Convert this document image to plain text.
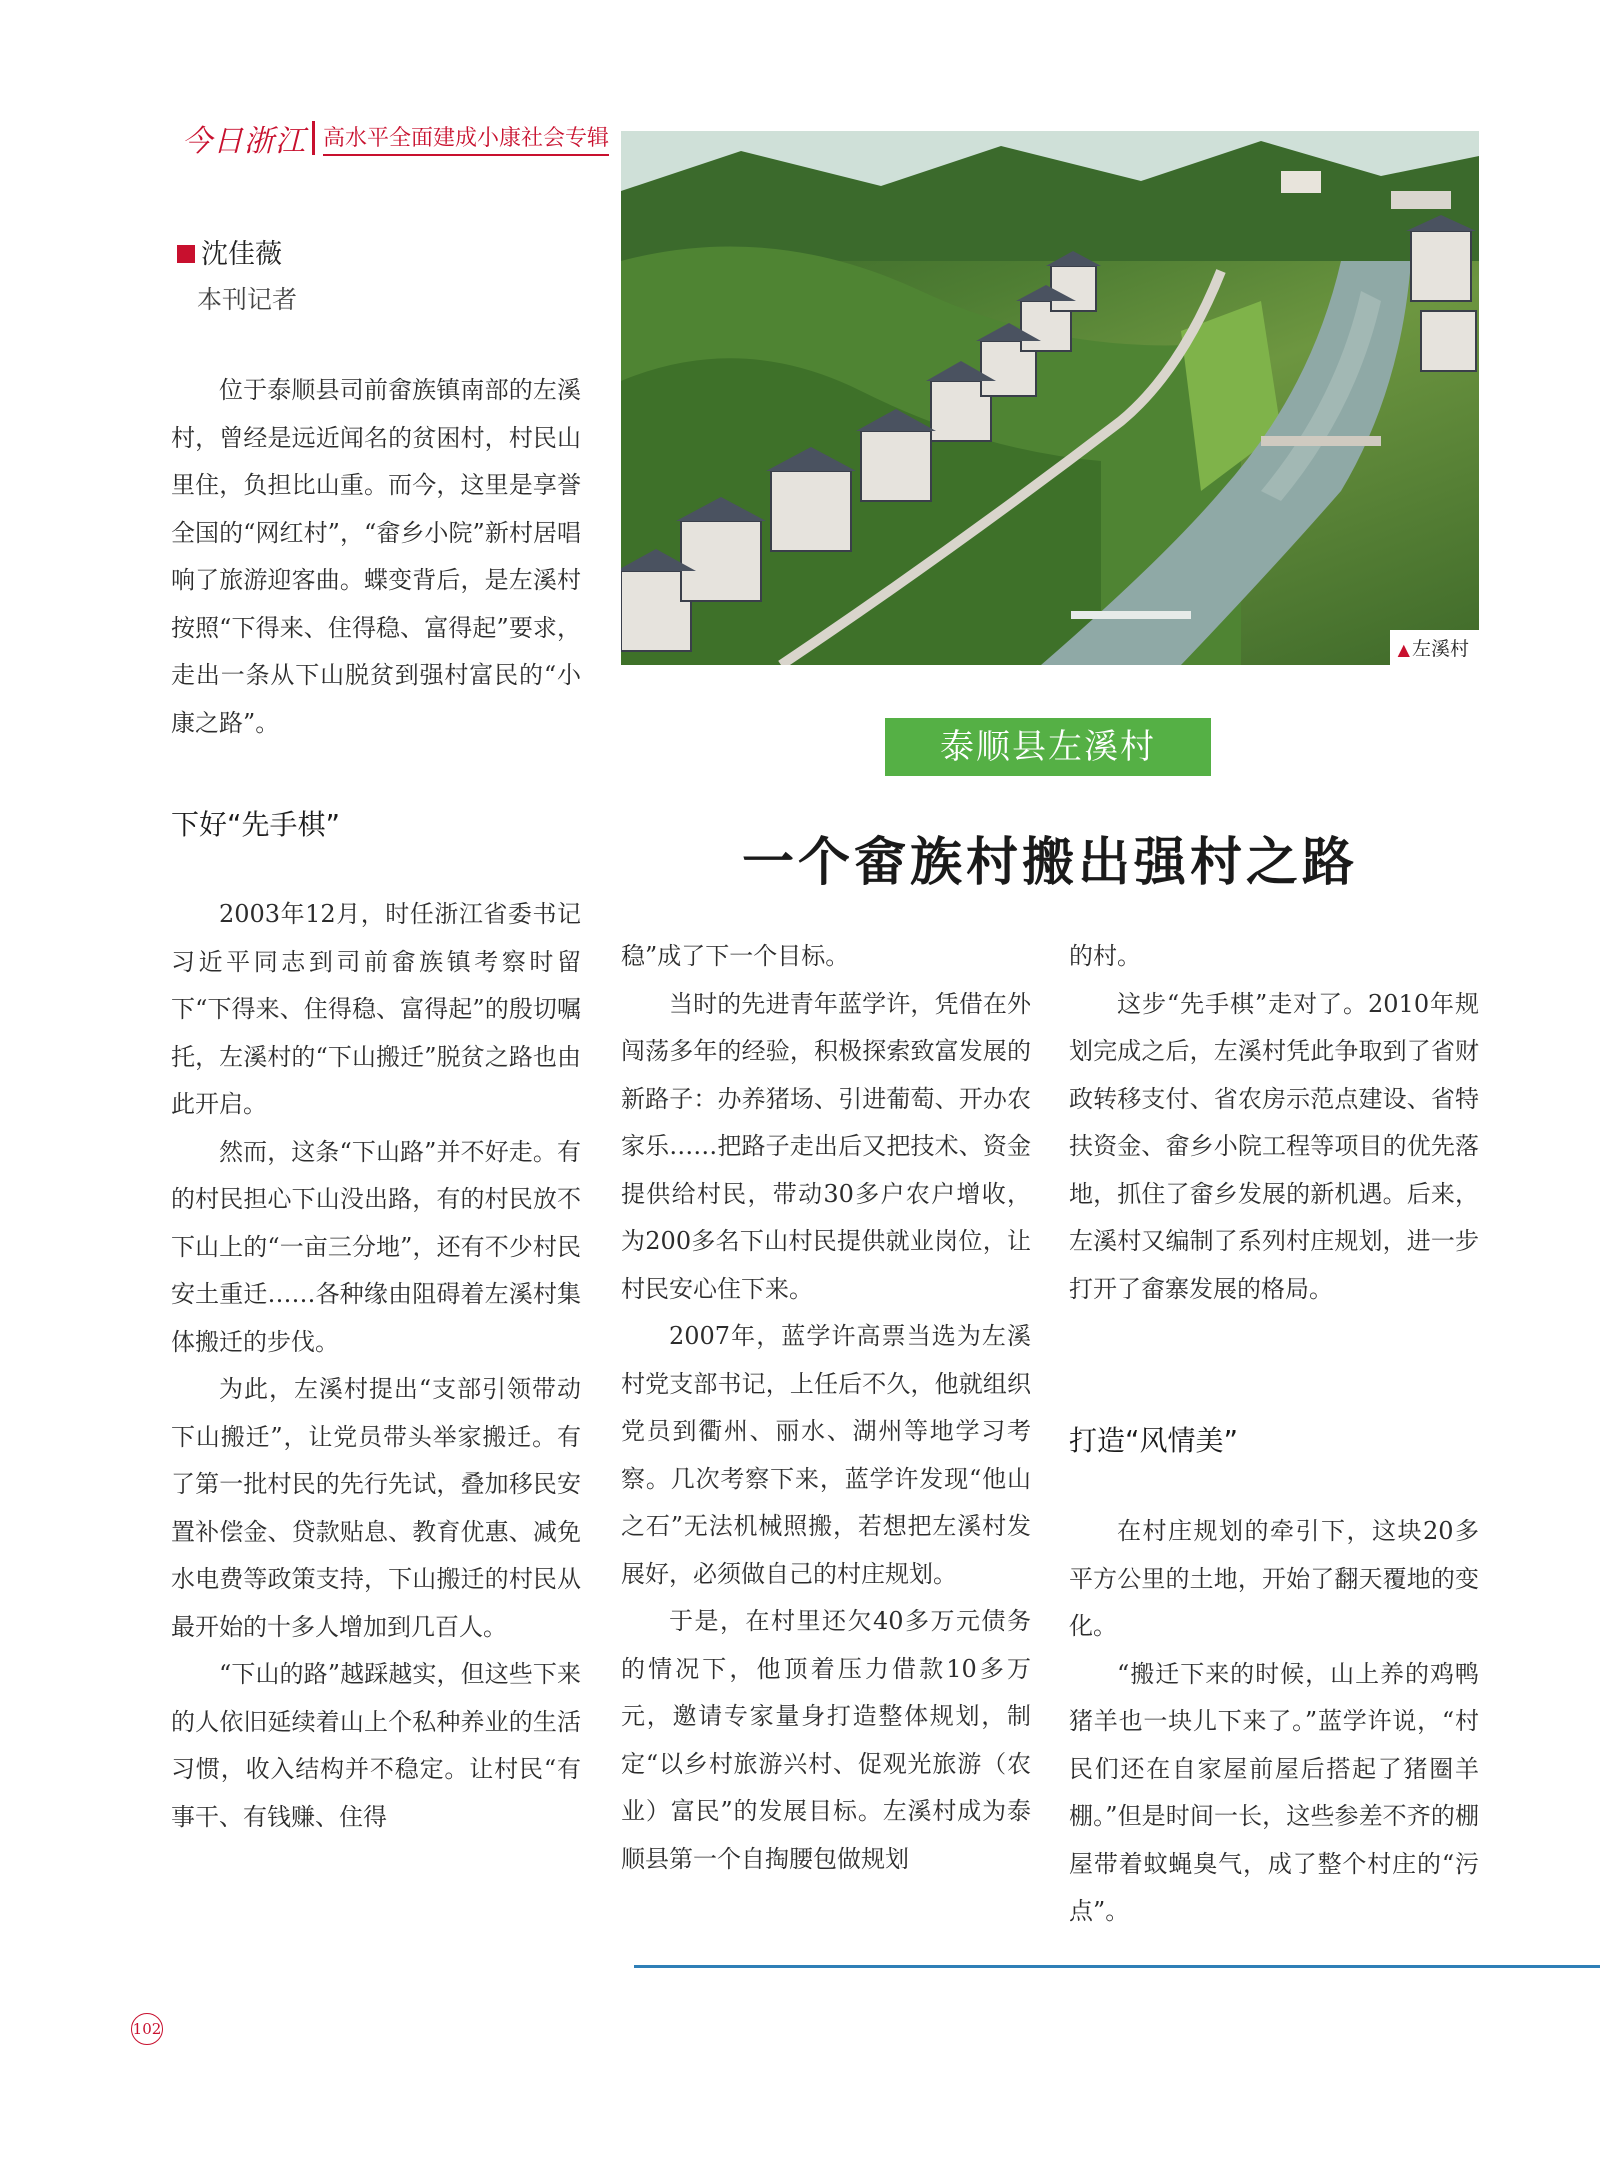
今日浙江 高水平全面建成小康社会专辑
沈佳薇
本刊记者
▲ 左溪村
泰顺县左溪村
一个畲族村搬出强村之路

位于泰顺县司前畲族镇南部的左溪村，曾经是远近闻名的贫困村，村民山里住，负担比山重。而今，这里是享誉全国的“网红村”，“畲乡小院”新村居唱响了旅游迎客曲。蝶变背后，是左溪村按照“下得来、住得稳、富得起”要求，走出一条从下山脱贫到强村富民的“小康之路”。

下好“先手棋”

2003年12月，时任浙江省委书记习近平同志到司前畲族镇考察时留下“下得来、住得稳、富得起”的殷切嘱托，左溪村的“下山搬迁”脱贫之路也由此开启。

然而，这条“下山路”并不好走。有的村民担心下山没出路，有的村民放不下山上的“一亩三分地”，还有不少村民安土重迁……各种缘由阻碍着左溪村集体搬迁的步伐。

为此，左溪村提出“支部引领带动下山搬迁”，让党员带头举家搬迁。有了第一批村民的先行先试，叠加移民安置补偿金、贷款贴息、教育优惠、减免水电费等政策支持，下山搬迁的村民从最开始的十多人增加到几百人。

“下山的路”越踩越实，但这些下来的人依旧延续着山上个私种养业的生活习惯，收入结构并不稳定。让村民“有事干、有钱赚、住得

稳”成了下一个目标。

当时的先进青年蓝学许，凭借在外闯荡多年的经验，积极探索致富发展的新路子：办养猪场、引进葡萄、开办农家乐……把路子走出后又把技术、资金提供给村民，带动30多户农户增收，为200多名下山村民提供就业岗位，让村民安心住下来。

2007年，蓝学许高票当选为左溪村党支部书记，上任后不久，他就组织党员到衢州、丽水、湖州等地学习考察。几次考察下来，蓝学许发现“他山之石”无法机械照搬，若想把左溪村发展好，必须做自己的村庄规划。

于是，在村里还欠40多万元债务的情况下，他顶着压力借款10多万元，邀请专家量身打造整体规划，制定“以乡村旅游兴村、促观光旅游（农业）富民”的发展目标。左溪村成为泰顺县第一个自掏腰包做规划

的村。

这步“先手棋”走对了。2010年规划完成之后，左溪村凭此争取到了省财政转移支付、省农房示范点建设、省特扶资金、畲乡小院工程等项目的优先落地，抓住了畲乡发展的新机遇。后来，左溪村又编制了系列村庄规划，进一步打开了畲寨发展的格局。

打造“风情美”

在村庄规划的牵引下，这块20多平方公里的土地，开始了翻天覆地的变化。

“搬迁下来的时候，山上养的鸡鸭猪羊也一块儿下来了。”蓝学许说，“村民们还在自家屋前屋后搭起了猪圈羊棚。”但是时间一长，这些参差不齐的棚屋带着蚊蝇臭气，成了整个村庄的“污点”。

102
